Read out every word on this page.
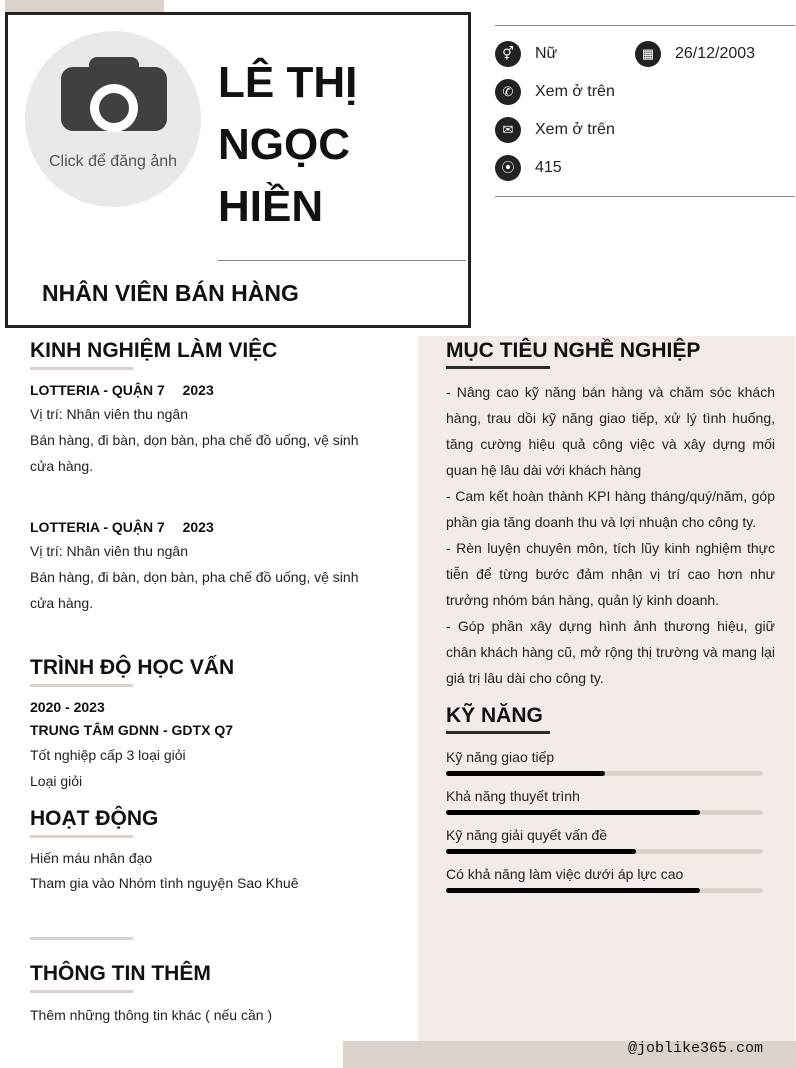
Click để đăng ảnh
LÊ THỊ
NGỌC
HIỀN
NHÂN VIÊN BÁN HÀNG
⚥	Nữ	▦	26/12/2003
✆	Xem ở trên
✉	Xem ở trên
⦿	415
KINH NGHIỆM LÀM VIỆC
LOTTERIA - QUẬN 7 2023
Vị trí: Nhân viên thu ngân
Bán hàng, đi bàn, dọn bàn, pha chế đồ uống, vệ sinh
cửa hàng.
LOTTERIA - QUẬN 7 2023
Vị trí: Nhân viên thu ngân
Bán hàng, đi bàn, dọn bàn, pha chế đồ uống, vệ sinh
cửa hàng.
TRÌNH ĐỘ HỌC VẤN
2020 - 2023
TRUNG TÂM GDNN - GDTX Q7
Tốt nghiệp cấp 3 loại giỏi
Loại giỏi
HOẠT ĐỘNG
Hiến máu nhân đạo
Tham gia vào Nhóm tình nguyện Sao Khuê
THÔNG TIN THÊM
Thêm những thông tin khác ( nếu cần )
MỤC TIÊU NGHỀ NGHIỆP

- Nâng cao kỹ năng bán hàng và chăm sóc khách hàng, trau dồi kỹ năng giao tiếp, xử lý tình huống, tăng cường hiệu quả công việc và xây dựng mối quan hệ lâu dài với khách hàng

- Cam kết hoàn thành KPI hàng tháng/quý/năm, góp phần gia tăng doanh thu và lợi nhuận cho công ty.

- Rèn luyện chuyên môn, tích lũy kinh nghiệm thực tiễn để từng bước đảm nhận vị trí cao hơn như trưởng nhóm bán hàng, quản lý kinh doanh.

- Góp phần xây dựng hình ảnh thương hiệu, giữ chân khách hàng cũ, mở rộng thị trường và mang lại giá trị lâu dài cho công ty.

KỸ NĂNG
Kỹ năng giao tiếp
Khả năng thuyết trình
Kỹ năng giải quyết vấn đề
Có khả năng làm việc dưới áp lực cao
@joblike365.com
